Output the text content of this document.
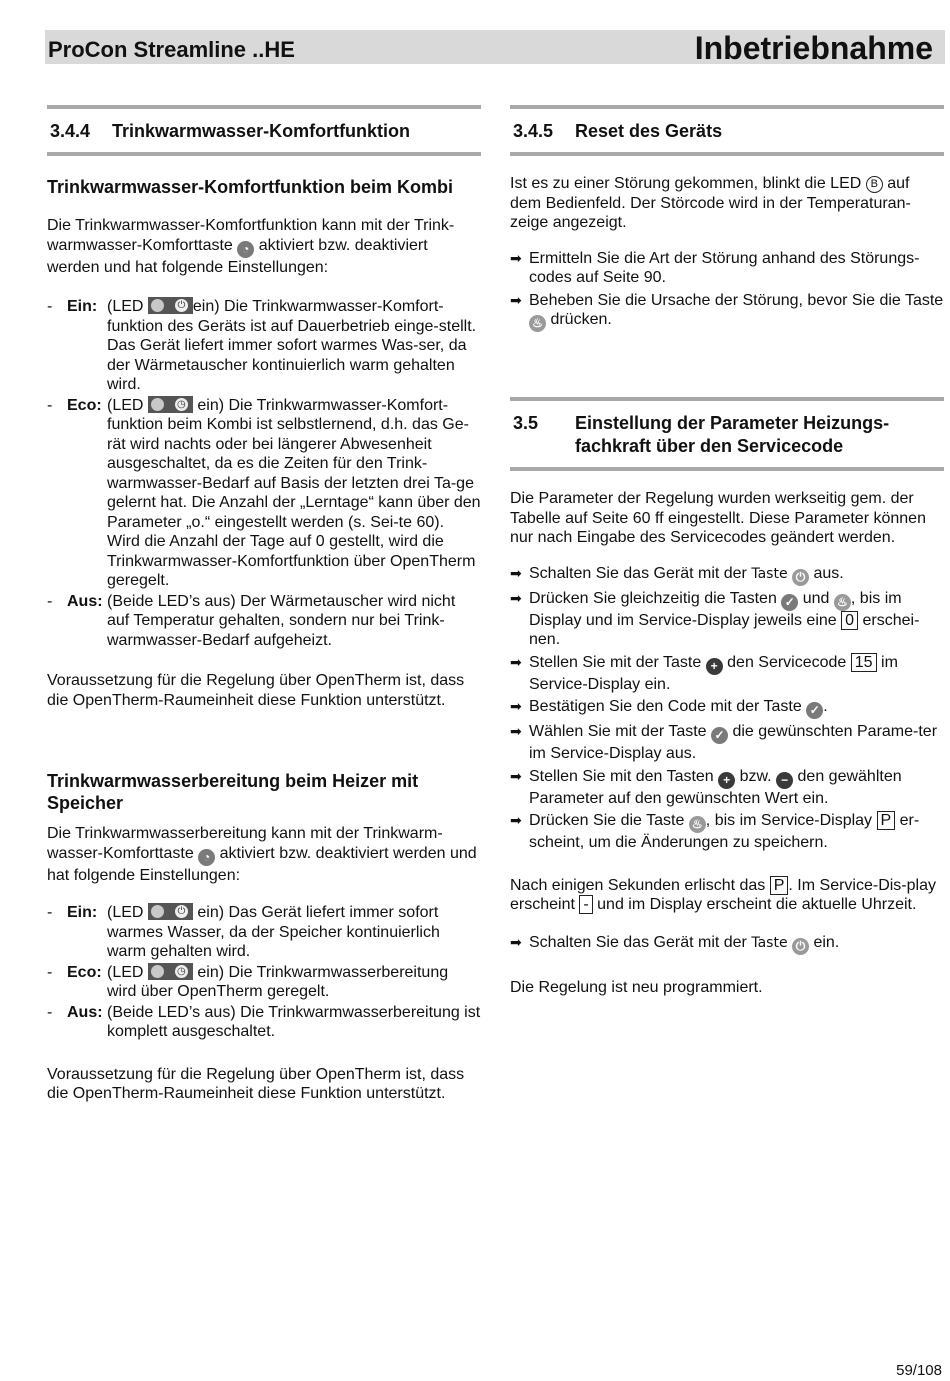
ProCon Streamline ..HE	Inbetriebnahme
3.4.4 Trinkwarmwasser-Komfortfunktion
Trinkwarmwasser-Komfortfunktion beim Kombi

Die Trinkwarmwasser-Komfortfunktion kann mit der Trink-warmwasser-Komforttaste ◔ aktiviert bzw. deaktiviert werden und hat folgende Einstellungen:

- Ein: (LED	⏻ ein) Die Trinkwarmwasser-Komfort-funktion des Geräts ist auf Dauerbetrieb einge-stellt. Das Gerät liefert immer sofort warmes Was-ser, da der Wärmetauscher kontinuierlich warm gehalten wird.
- Eco: (LED	◷ ein) Die Trinkwarmwasser-Komfort-funktion beim Kombi ist selbstlernend, d.h. das Ge-rät wird nachts oder bei längerer Abwesenheit ausgeschaltet, da es die Zeiten für den Trink-warmwasser-Bedarf auf Basis der letzten drei Ta-ge gelernt hat. Die Anzahl der „Lerntage“ kann über den Parameter „o.“ eingestellt werden (s. Sei-te 60). Wird die Anzahl der Tage auf 0 gestellt, wird die Trinkwarmwasser-Komfortfunktion über OpenTherm geregelt.
- Aus: (Beide LED’s aus) Der Wärmetauscher wird nicht auf Temperatur gehalten, sondern nur bei Trink-warmwasser-Bedarf aufgeheizt.

Voraussetzung für die Regelung über OpenTherm ist, dass die OpenTherm-Raumeinheit diese Funktion unterstützt.

Trinkwarmwasserbereitung beim Heizer mit Speicher

Die Trinkwarmwasserbereitung kann mit der Trinkwarm-wasser-Komforttaste ◔ aktiviert bzw. deaktiviert werden und hat folgende Einstellungen:

- Ein: (LED	⏻ ein) Das Gerät liefert immer sofort warmes Wasser, da der Speicher kontinuierlich warm gehalten wird.
- Eco: (LED	◷ ein) Die Trinkwarmwasserbereitung wird über OpenTherm geregelt.
- Aus: (Beide LED’s aus) Die Trinkwarmwasserbereitung ist komplett ausgeschaltet.

Voraussetzung für die Regelung über OpenTherm ist, dass die OpenTherm-Raumeinheit diese Funktion unterstützt.

3.4.5 Reset des Geräts

Ist es zu einer Störung gekommen, blinkt die LED B auf dem Bedienfeld. Der Störcode wird in der Temperaturan-zeige angezeigt.

➡ Ermitteln Sie die Art der Störung anhand des Störungs-codes auf Seite 90.
➡ Beheben Sie die Ursache der Störung, bevor Sie die Taste ♨ drücken.
3.5 Einstellung der Parameter Heizungs-fachkraft über den Servicecode

Die Parameter der Regelung wurden werkseitig gem. der Tabelle auf Seite 60 ff eingestellt. Diese Parameter können nur nach Eingabe des Servicecodes geändert werden.

➡ Schalten Sie das Gerät mit der Taste ⏻ aus.
➡ Drücken Sie gleichzeitig die Tasten ✓ und ♨ , bis im Display und im Service-Display jeweils eine 0 erschei-nen.
➡ Stellen Sie mit der Taste + den Servicecode 15 im Service-Display ein.
➡ Bestätigen Sie den Code mit der Taste ✓ .
➡ Wählen Sie mit der Taste ✓ die gewünschten Parame-ter im Service-Display aus.
➡ Stellen Sie mit den Tasten + bzw. − den gewählten Parameter auf den gewünschten Wert ein.
➡ Drücken Sie die Taste ♨ , bis im Service-Display P er-scheint, um die Änderungen zu speichern.

Nach einigen Sekunden erlischt das P . Im Service-Dis-play erscheint - und im Display erscheint die aktuelle Uhrzeit.

➡ Schalten Sie das Gerät mit der Taste ⏻ ein.

Die Regelung ist neu programmiert.

59/108
